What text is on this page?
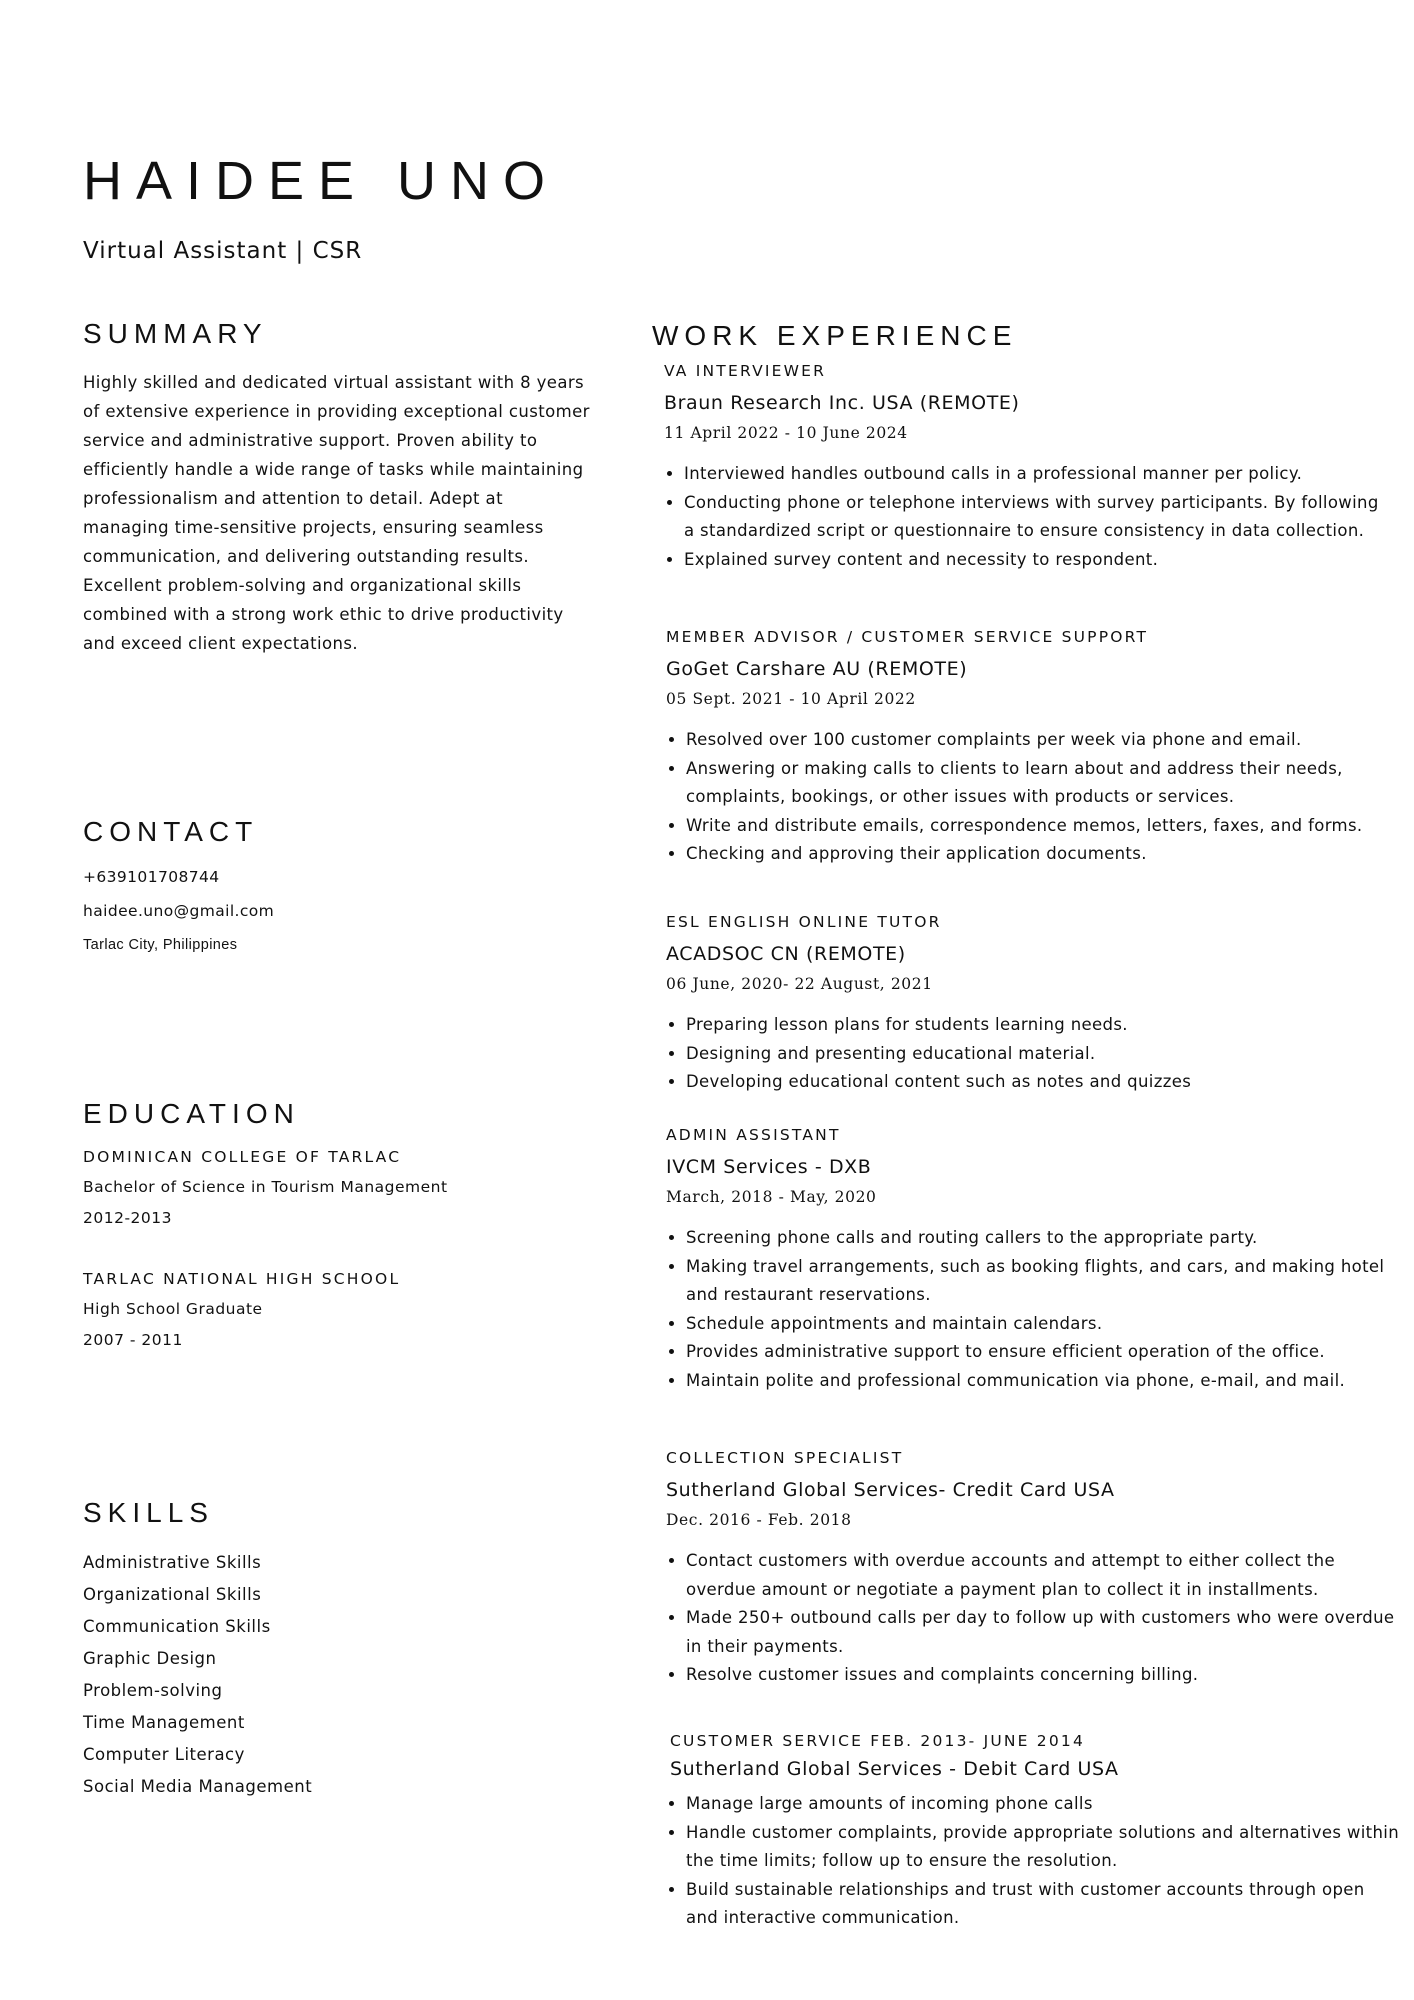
HAIDEE UNO

Virtual Assistant | CSR

SUMMARY

Highly skilled and dedicated virtual assistant with 8 years of extensive experience in providing exceptional customer service and administrative support. Proven ability to efficiently handle a wide range of tasks while maintaining professionalism and attention to detail. Adept at managing time-sensitive projects, ensuring seamless communication, and delivering outstanding results. Excellent problem-solving and organizational skills combined with a strong work ethic to drive productivity and exceed client expectations.

CONTACT

+639101708744

haidee.uno@gmail.com

Tarlac City, Philippines

EDUCATION

DOMINICAN COLLEGE OF TARLAC

Bachelor of Science in Tourism Management

2012-2013

TARLAC NATIONAL HIGH SCHOOL

High School Graduate

2007 - 2011

SKILLS

Administrative Skills

Organizational Skills

Communication Skills

Graphic Design

Problem-solving

Time Management

Computer Literacy

Social Media Management

WORK EXPERIENCE

VA INTERVIEWER

Braun Research Inc. USA (REMOTE)

11 April 2022 - 10 June 2024

• Interviewed handles outbound calls in a professional manner per policy.
• Conducting phone or telephone interviews with survey participants. By following a standardized script or questionnaire to ensure consistency in data collection.
• Explained survey content and necessity to respondent.

MEMBER ADVISOR / CUSTOMER SERVICE SUPPORT

GoGet Carshare AU (REMOTE)

05 Sept. 2021 - 10 April 2022

• Resolved over 100 customer complaints per week via phone and email.
• Answering or making calls to clients to learn about and address their needs, complaints, bookings, or other issues with products or services.
• Write and distribute emails, correspondence memos, letters, faxes, and forms.
• Checking and approving their application documents.

ESL ENGLISH ONLINE TUTOR

ACADSOC CN (REMOTE)

06 June, 2020- 22 August, 2021

• Preparing lesson plans for students learning needs.
• Designing and presenting educational material.
• Developing educational content such as notes and quizzes

ADMIN ASSISTANT

IVCM Services - DXB

March, 2018 - May, 2020

• Screening phone calls and routing callers to the appropriate party.
• Making travel arrangements, such as booking flights, and cars, and making hotel and restaurant reservations.
• Schedule appointments and maintain calendars.
• Provides administrative support to ensure efficient operation of the office.
• Maintain polite and professional communication via phone, e-mail, and mail.

COLLECTION SPECIALIST

Sutherland Global Services- Credit Card USA

Dec. 2016 - Feb. 2018

• Contact customers with overdue accounts and attempt to either collect the overdue amount or negotiate a payment plan to collect it in installments.
• Made 250+ outbound calls per day to follow up with customers who were overdue in their payments.
• Resolve customer issues and complaints concerning billing.

CUSTOMER SERVICE FEB. 2013- JUNE 2014

Sutherland Global Services - Debit Card USA

• Manage large amounts of incoming phone calls
• Handle customer complaints, provide appropriate solutions and alternatives within the time limits; follow up to ensure the resolution.
• Build sustainable relationships and trust with customer accounts through open and interactive communication.
